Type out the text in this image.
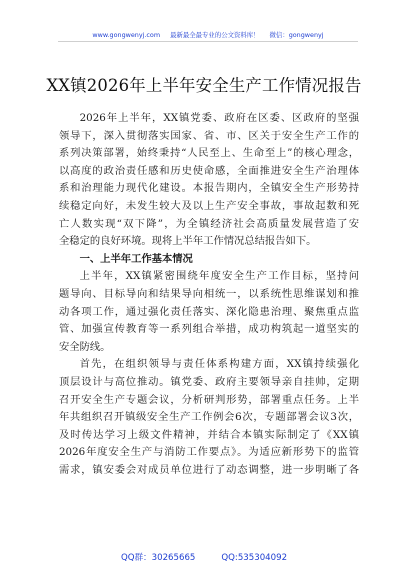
www.gongwenyj.com 最新最全最专业的公文资料库！ 微信：gongwenyj
XX镇2026年上半年安全生产工作情况报告
2026年上半年，XX镇党委、政府在区委、区政府的坚强
领导下，深入贯彻落实国家、省、市、区关于安全生产工作的
系列决策部署，始终秉持“人民至上、生命至上”的核心理念，
以高度的政治责任感和历史使命感，全面推进安全生产治理体
系和治理能力现代化建设。本报告期内，全镇安全生产形势持
续稳定向好，未发生较大及以上生产安全事故，事故起数和死
亡人数实现“双下降”，为全镇经济社会高质量发展营造了安
全稳定的良好环境。现将上半年工作情况总结报告如下。
一、上半年工作基本情况
上半年，XX镇紧密围绕年度安全生产工作目标，坚持问
题导向、目标导向和结果导向相统一，以系统性思维谋划和推
动各项工作，通过强化责任落实、深化隐患治理、聚焦重点监
管、加强宣传教育等一系列组合举措，成功构筑起一道坚实的
安全防线。
首先，在组织领导与责任体系构建方面，XX镇持续强化
顶层设计与高位推动。镇党委、政府主要领导亲自挂帅，定期
召开安全生产专题会议，分析研判形势，部署重点任务。上半
年共组织召开镇级安全生产工作例会6次，专题部署会议3次，
及时传达学习上级文件精神，并结合本镇实际制定了《XX镇
2026年度安全生产与消防工作要点》。为适应新形势下的监管
需求，镇安委会对成员单位进行了动态调整，进一步明晰了各
QQ群：30265665	QQ:535304092
